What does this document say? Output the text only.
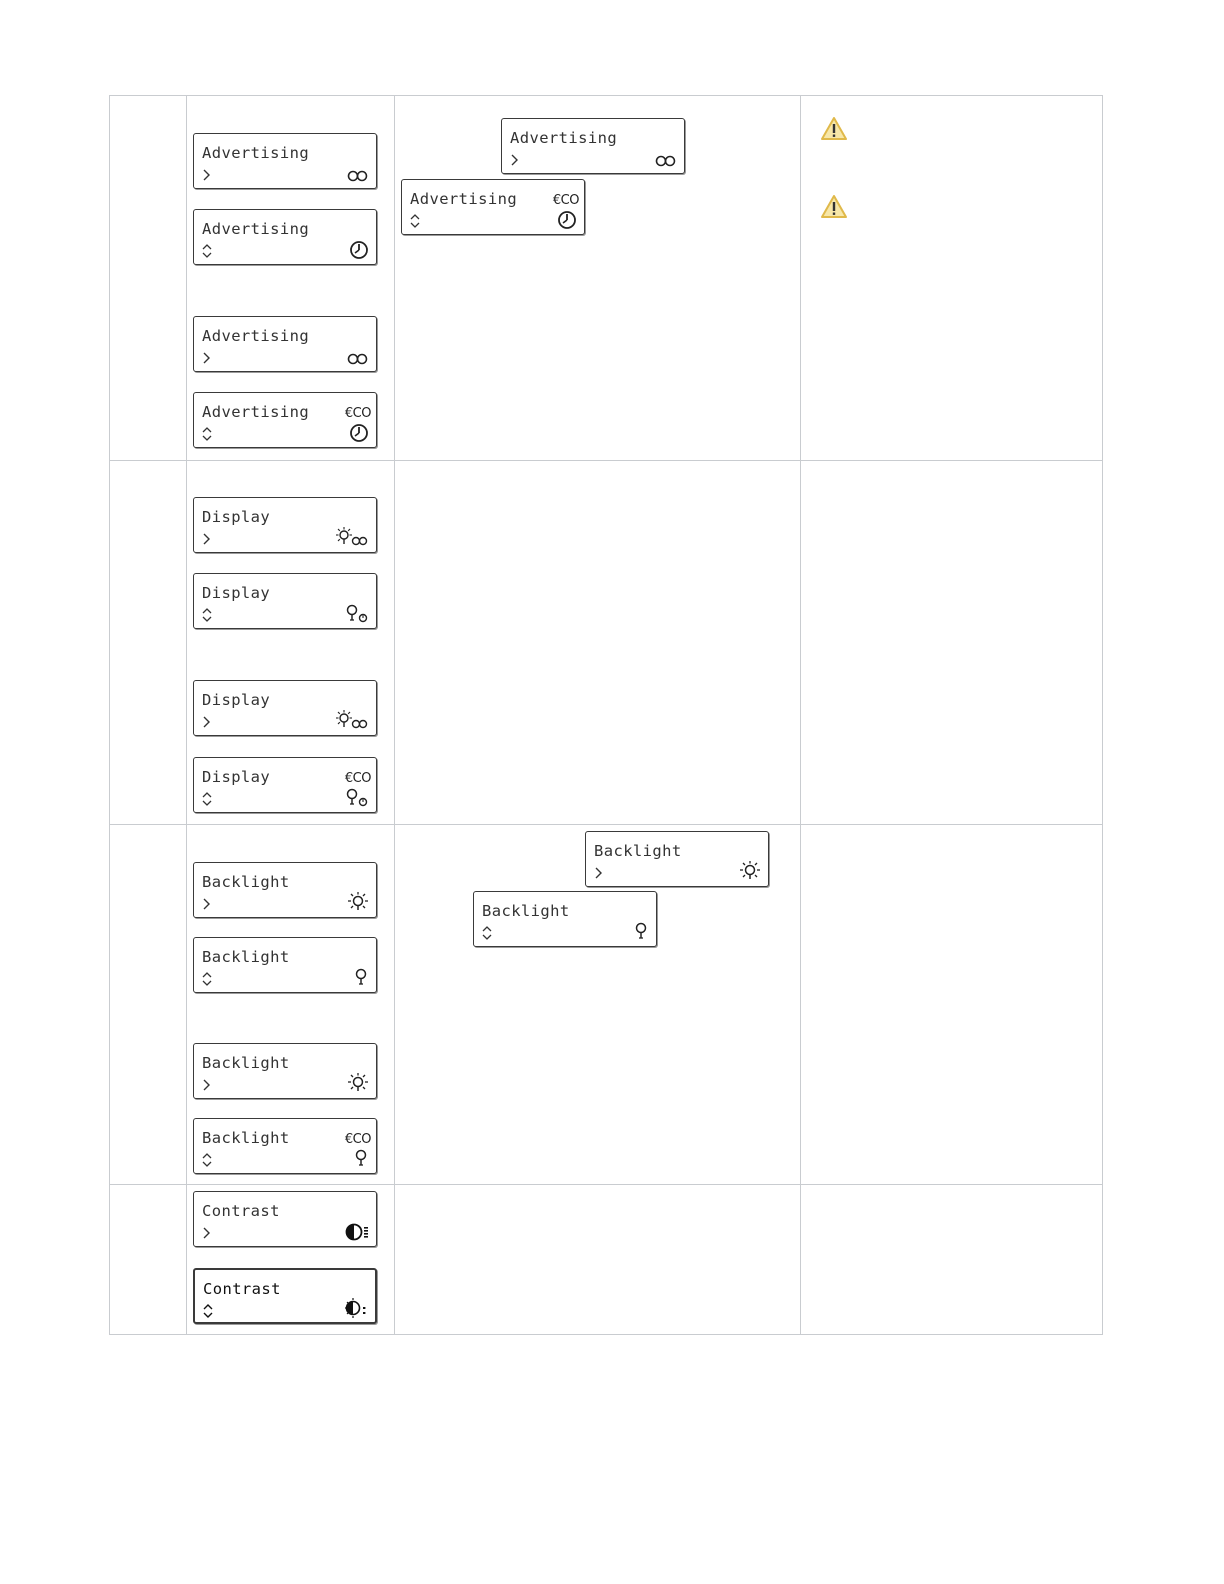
Advertising
Advertising
Advertising
Advertising	€CO
Advertising
Advertising	€CO
Display
Display
Display
Display	€CO
Backlight
Backlight
Backlight
Backlight	€CO
Backlight
Backlight
Contrast
Contrast
